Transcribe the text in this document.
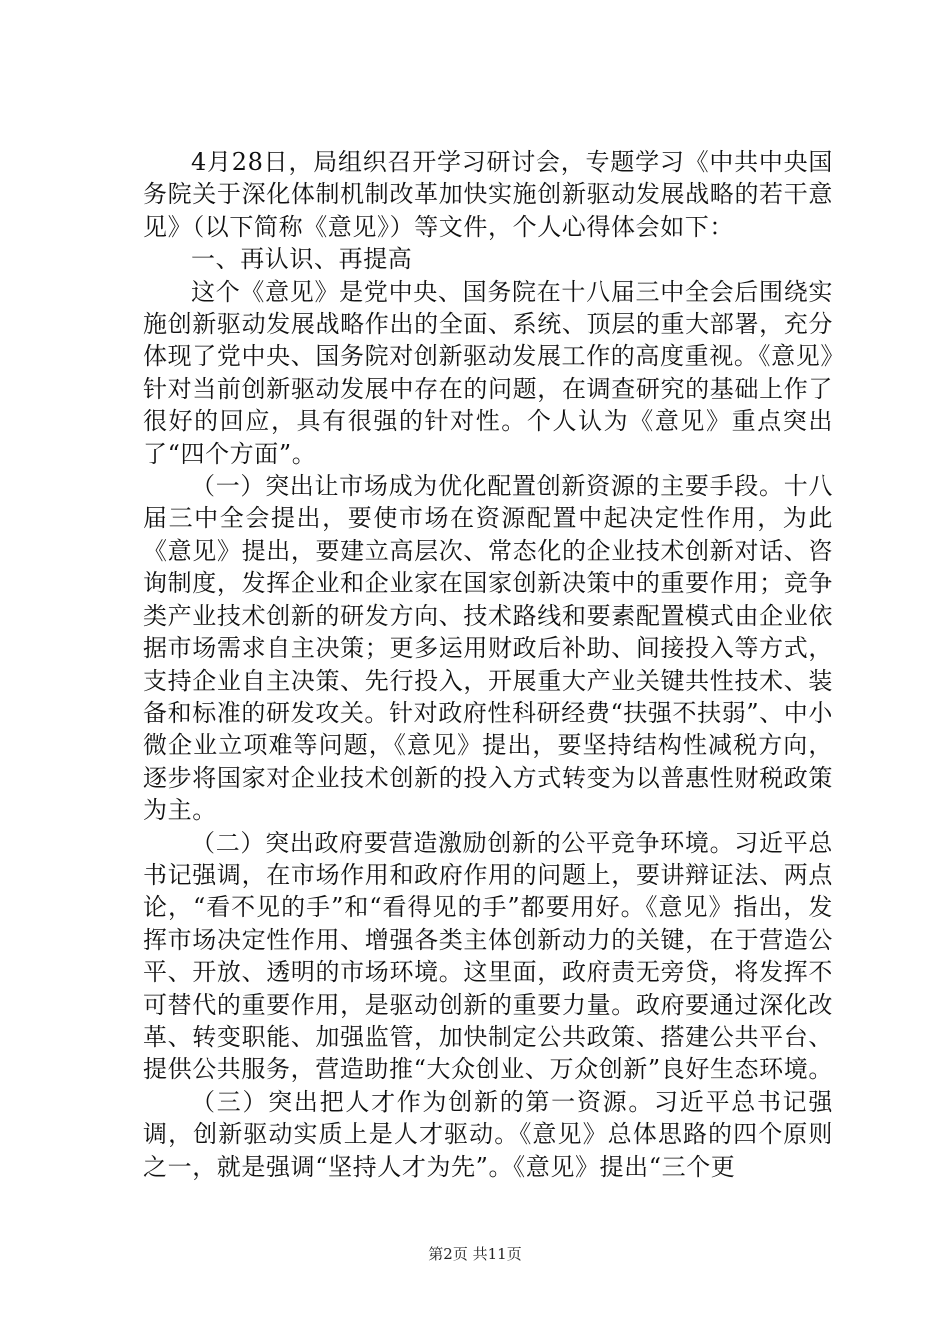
4月28日，局组织召开学习研讨会，专题学习《中共中央国务院关于深化体制机制改革加快实施创新驱动发展战略的若干意见》（以下简称《意见》）等文件，个人心得体会如下：

一、再认识、再提高

这个《意见》是党中央、国务院在十八届三中全会后围绕实施创新驱动发展战略作出的全面、系统、顶层的重大部署，充分体现了党中央、国务院对创新驱动发展工作的高度重视。《意见》针对当前创新驱动发展中存在的问题，在调查研究的基础上作了很好的回应，具有很强的针对性。个人认为《意见》重点突出了“四个方面”。

（一）突出让市场成为优化配置创新资源的主要手段。十八届三中全会提出，要使市场在资源配置中起决定性作用，为此《意见》提出，要建立高层次、常态化的企业技术创新对话、咨询制度，发挥企业和企业家在国家创新决策中的重要作用；竞争类产业技术创新的研发方向、技术路线和要素配置模式由企业依据市场需求自主决策；更多运用财政后补助、间接投入等方式，支持企业自主决策、先行投入，开展重大产业关键共性技术、装备和标准的研发攻关。针对政府性科研经费“扶强不扶弱”、中小微企业立项难等问题，《意见》提出，要坚持结构性减税方向，逐步将国家对企业技术创新的投入方式转变为以普惠性财税政策为主。

（二）突出政府要营造激励创新的公平竞争环境。习近平总书记强调，在市场作用和政府作用的问题上，要讲辩证法、两点论，“看不见的手”和“看得见的手”都要用好。《意见》指出，发挥市场决定性作用、增强各类主体创新动力的关键，在于营造公平、开放、透明的市场环境。这里面，政府责无旁贷，将发挥不可替代的重要作用，是驱动创新的重要力量。政府要通过深化改革、转变职能、加强监管，加快制定公共政策、搭建公共平台、提供公共服务，营造助推“大众创业、万众创新”良好生态环境。

（三）突出把人才作为创新的第一资源。习近平总书记强调，创新驱动实质上是人才驱动。《意见》总体思路的四个原则之一，就是强调“坚持人才为先”。《意见》提出“三个更

第2页 共11页
